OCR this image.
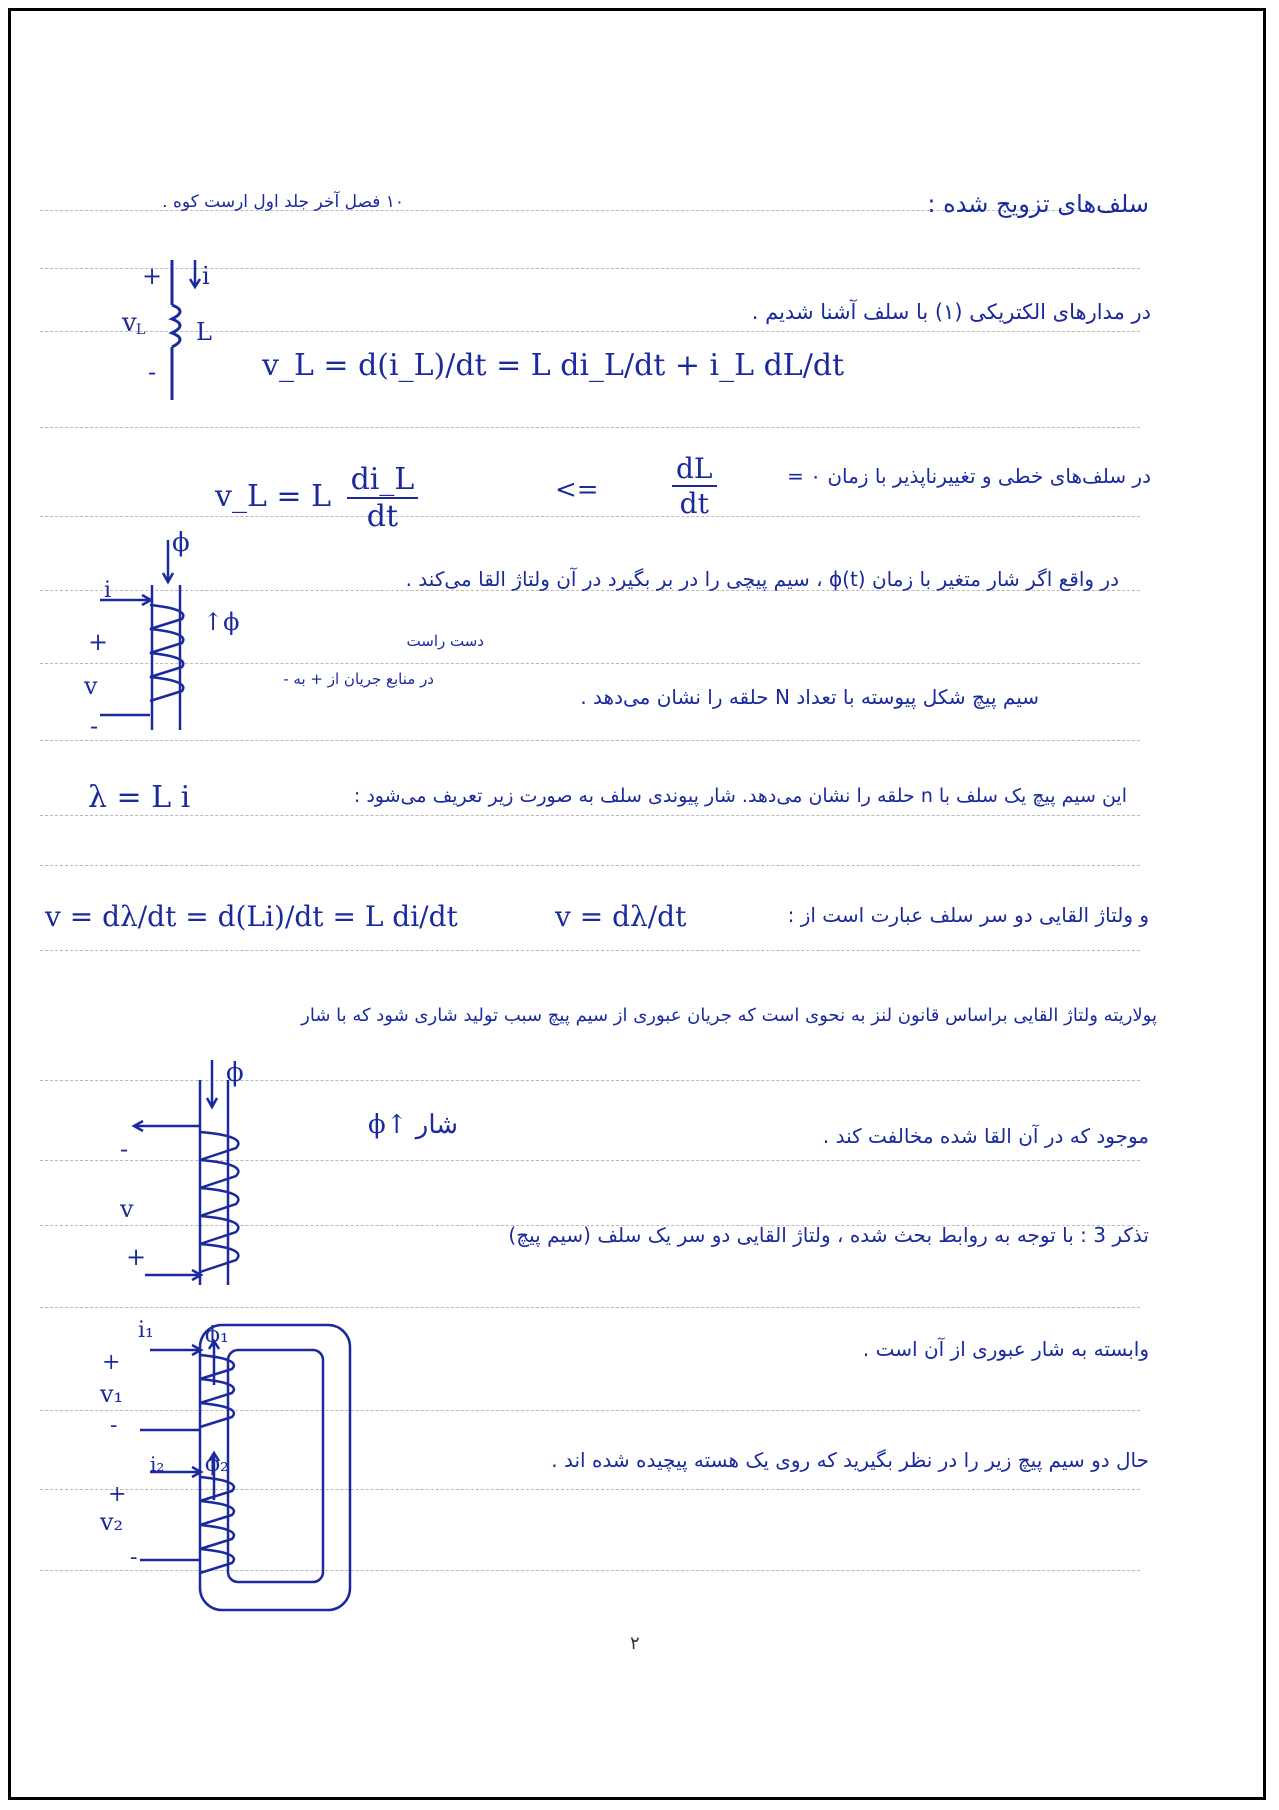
سلف‌های تزویج شده :
۱۰ فصل آخر جلد اول ارست کوه .
در مدارهای الکتریکی (۱) با سلف آشنا شدیم .
در سلف‌های خطی و تغییرناپذیر با زمان ۰ =
در واقع اگر شار متغیر با زمان (ϕ(t ، سیم پیچی را در بر بگیرد در آن ولتاژ القا می‌کند .
سیم پیچ شکل پیوسته با تعداد N حلقه را نشان می‌دهد .
این سیم پیچ یک سلف با n حلقه را نشان می‌دهد. شار پیوندی سلف به صورت زیر تعریف می‌شود :
و ولتاژ القایی دو سر سلف عبارت است از :
پولاریته ولتاژ القایی براساس قانون لنز به نحوی است که جریان عبوری از سیم پیچ سبب تولید شاری شود که با شار
موجود که در آن القا شده مخالفت کند .
تذکر 3 : با توجه به روابط بحث شده ، ولتاژ القایی دو سر یک سلف (سیم پیچ)
وابسته به شار عبوری از آن است .
حال دو سیم پیچ زیر را در نظر بگیرید که روی یک هسته پیچیده شده اند .
دست راست
در منابع جریان از + به -
ϕ↑ شار
↑ϕ
v_L = d(i_L)/dt = L di_L/dt + i_L dL/dt
v_L = L $\frac{di\_L}{dt}$	<=	$\frac{dL}{dt}$
λ = L i
v = dλ/dt = d(Li)/dt = L di/dt	v = dλ/dt
+ i
v L L
-
ϕ
i
+
v
-
ϕ
-
v
+
i₁ ϕ₁
+
v₁
-
i₂ ϕ₂
+
v₂
-
۲
